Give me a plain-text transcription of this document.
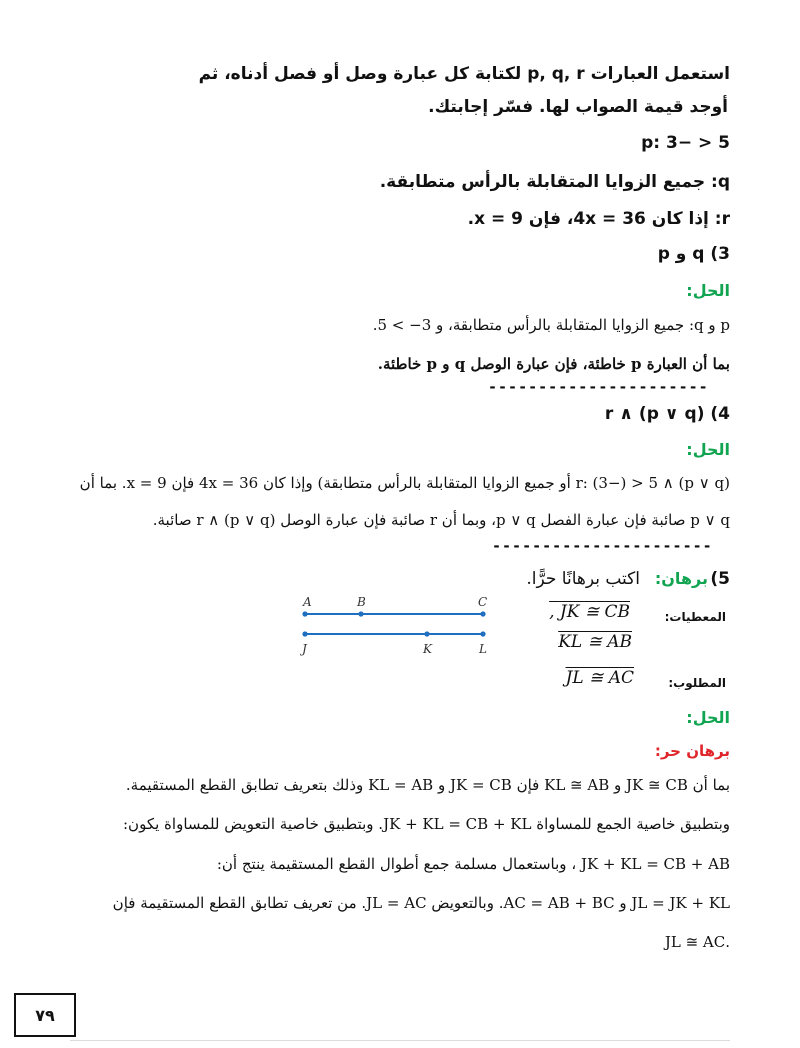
استعمل العبارات p, q, r لكتابة كل عبارة وصل أو فصل أدناه، ثم
أوجد قيمة الصواب لها. فسّر إجابتك.
5 < −3 :p
q: جميع الزوايا المتقابلة بالرأس متطابقة.
r: إذا كان 4x = 36، فإن x = 9.
3) q و p
الحل:
p و q: جميع الزوايا المتقابلة بالرأس متطابقة، و 3− > 5.
بما أن العبارة p خاطئة، فإن عبارة الوصل q و p خاطئة.
----------------------
4) (p ∨ q) ∧ r
الحل:
(p ∨ q) ∧ r: (3−) > 5 أو جميع الزوايا المتقابلة بالرأس متطابقة) وإذا كان 4x = 36 فإن x = 9. بما أن
p ∨ q صائبة فإن عبارة الفصل p ∨ q، وبما أن r صائبة فإن عبارة الوصل (p ∨ q) ∧ r صائبة.
----------------------
5)
برهان:
اكتب برهانًا حرًّا.
المعطيات:
JK ≅ CB ,
KL ≅ AB
المطلوب:
JL ≅ AC
A	B	C
J	K	L
الحل:
برهان حر:
بما أن JK ≅ CB و KL ≅ AB فإن JK = CB و KL = AB وذلك بتعريف تطابق القطع المستقيمة.
وبتطبيق خاصية الجمع للمساواة JK + KL = CB + KL. وبتطبيق خاصية التعويض للمساواة يكون:
JK + KL = CB + AB ، وباستعمال مسلمة جمع أطوال القطع المستقيمة ينتج أن:
JL = JK + KL و AC = AB + BC. وبالتعويض JL = AC. من تعريف تطابق القطع المستقيمة فإن
.JL ≅ AC
٧٩
